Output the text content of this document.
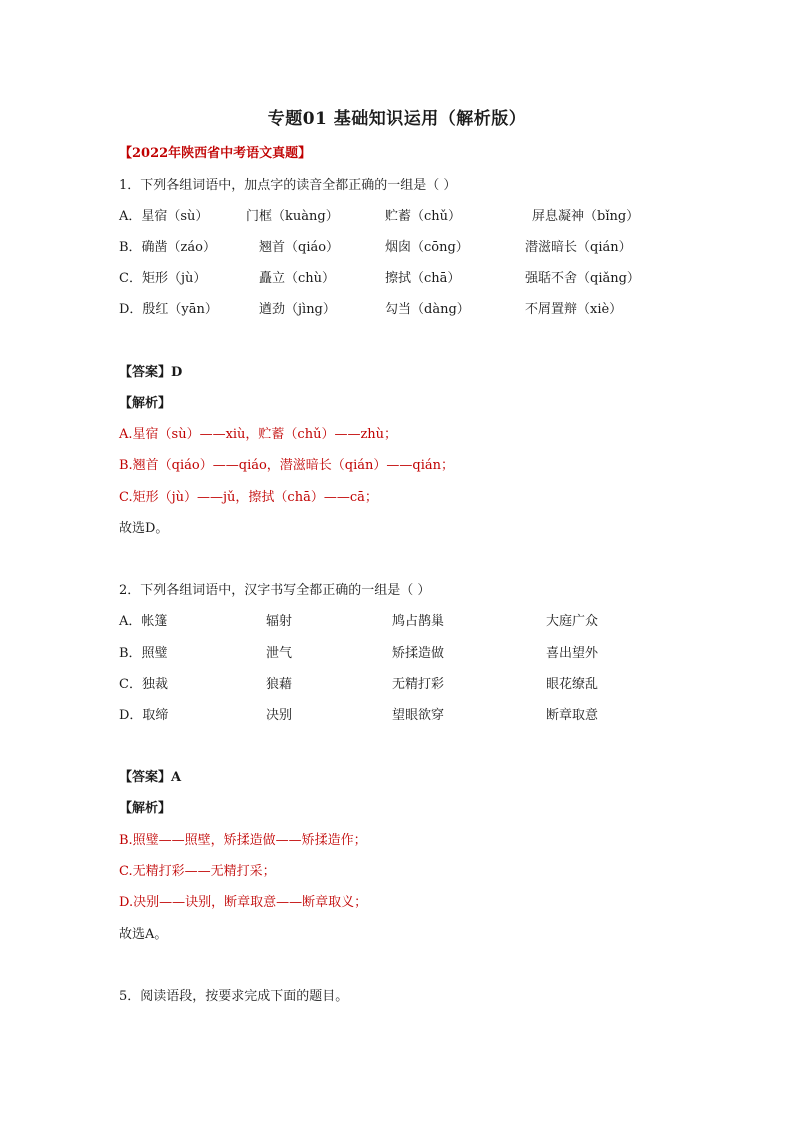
专题01 基础知识运用（解析版）
【2022年陕西省中考语文真题】
1．下列各组词语中，加点字的读音全都正确的一组是（ ）
A．星宿（sù）	门框（kuàng）	贮蓄（chǔ）	屏息凝神（bǐng）
B．确凿（záo）	翘首（qiáo）	烟囱（cōng）	潜滋暗长（qián）
C．矩形（jù）	矗立（chù）	擦拭（chā）	强聒不舍（qiǎng）
D．殷红（yān）	遒劲（jìng）	勾当（dàng）	不屑置辩（xiè）
【答案】D
【解析】
A.星宿（sù）——xiù，贮蓄（chǔ）——zhù；
B.翘首（qiáo）——qiáo，潜滋暗长（qián）——qián；
C.矩形（jù）——jǔ，擦拭（chā）——cā；
故选D。
2．下列各组词语中，汉字书写全都正确的一组是（ ）
A．帐篷	辐射	鸠占鹊巢	大庭广众
B．照璧	泄气	矫揉造做	喜出望外
C．独裁	狼藉	无精打彩	眼花缭乱
D．取缔	决别	望眼欲穿	断章取意
【答案】A
【解析】
B.照璧——照壁，矫揉造做——矫揉造作；
C.无精打彩——无精打采；
D.决别——诀别，断章取意——断章取义；
故选A。
5．阅读语段，按要求完成下面的题目。
